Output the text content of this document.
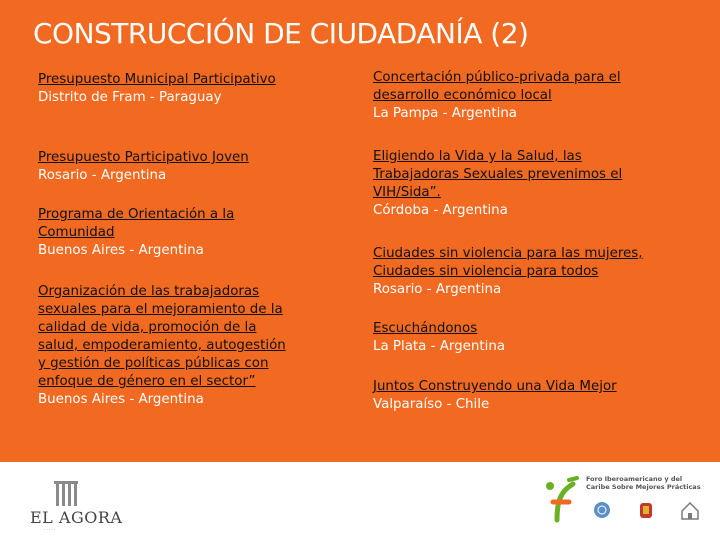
CONSTRUCCIÓN DE CIUDADANÍA (2)
Presupuesto Municipal Participativo
Distrito de Fram - Paraguay
Presupuesto Participativo Joven
Rosario - Argentina
Programa de Orientación a la Comunidad
Buenos Aires - Argentina
Organización de las trabajadoras sexuales para el mejoramiento de la calidad de vida, promoción de la salud, empoderamiento, autogestión y gestión de políticas públicas con enfoque de género en el sector”
Buenos Aires - Argentina
Concertación público-privada para el desarrollo económico local
La Pampa - Argentina
Eligiendo la Vida y la Salud, las Trabajadoras Sexuales prevenimos el VIH/Sida”.
Córdoba - Argentina
Ciudades sin violencia para las mujeres, Ciudades sin violencia para todos
Rosario - Argentina
Escuchándonos
La Plata - Argentina
Juntos Construyendo una Vida Mejor
Valparaíso - Chile
EL AGORA
· · · · ·
Foro Iberoamericano y del Caribe Sobre Mejores Prácticas
